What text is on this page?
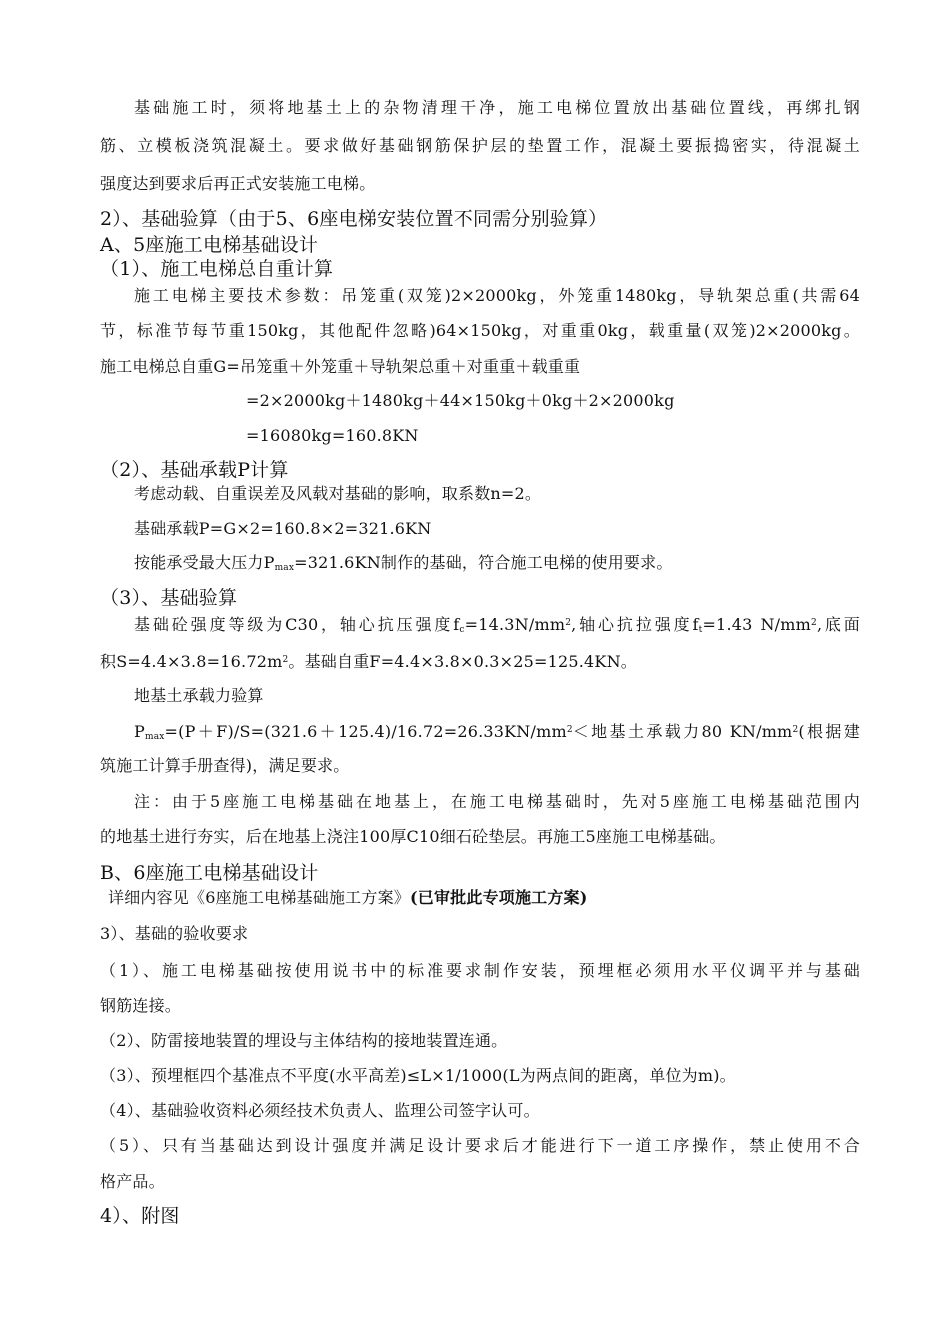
基础施工时，须将地基土上的杂物清理干净，施工电梯位置放出基础位置线，再绑扎钢
筋、立模板浇筑混凝土。要求做好基础钢筋保护层的垫置工作，混凝土要振捣密实，待混凝土
强度达到要求后再正式安装施工电梯。
2）、基础验算（由于5、6座电梯安装位置不同需分别验算）
A、5座施工电梯基础设计
（1）、施工电梯总自重计算
施工电梯主要技术参数：吊笼重(双笼)2×2000kg，外笼重1480kg，导轨架总重(共需64
节，标准节每节重150kg，其他配件忽略)64×150kg，对重重0kg，载重量(双笼)2×2000kg。
施工电梯总自重G=吊笼重＋外笼重＋导轨架总重＋对重重＋载重重
=2×2000kg＋1480kg＋44×150kg＋0kg＋2×2000kg
=16080kg=160.8KN
（2）、基础承载P计算
考虑动载、自重误差及风载对基础的影响，取系数n=2。
基础承载P=G×2=160.8×2=321.6KN
按能承受最大压力$P_{max}=321.6KN$制作的基础，符合施工电梯的使用要求。
（3）、基础验算
基础砼强度等级为C30，轴心抗压强度$f_c=14.3N/mm^2$,轴心抗拉强度$f_t=1.43$ $N/mm^2$,底面
积$S=4.4\times 3.8=16.72m^2$。基础自重F=4.4×3.8×0.3×25=125.4KN。
地基土承载力验算
$P_{max}=(P+F)/S=(321.6+125.4)/16.72=26.33KN/mm^2<$地基土承载力80 $KN/mm^2$(根据建
筑施工计算手册查得)，满足要求。
注：由于5座施工电梯基础在地基上，在施工电梯基础时，先对5座施工电梯基础范围内
的地基土进行夯实，后在地基上浇注100厚C10细石砼垫层。再施工5座施工电梯基础。
B、6座施工电梯基础设计
详细内容见《6座施工电梯基础施工方案》(已审批此专项施工方案)
3）、基础的验收要求
（1）、施工电梯基础按使用说书中的标准要求制作安装，预埋框必须用水平仪调平并与基础
钢筋连接。
（2）、防雷接地装置的埋设与主体结构的接地装置连通。
（3）、预埋框四个基准点不平度(水平高差)≤L×1/1000(L为两点间的距离，单位为m)。
（4）、基础验收资料必须经技术负责人、监理公司签字认可。
（5）、只有当基础达到设计强度并满足设计要求后才能进行下一道工序操作，禁止使用不合
格产品。
4）、附图
